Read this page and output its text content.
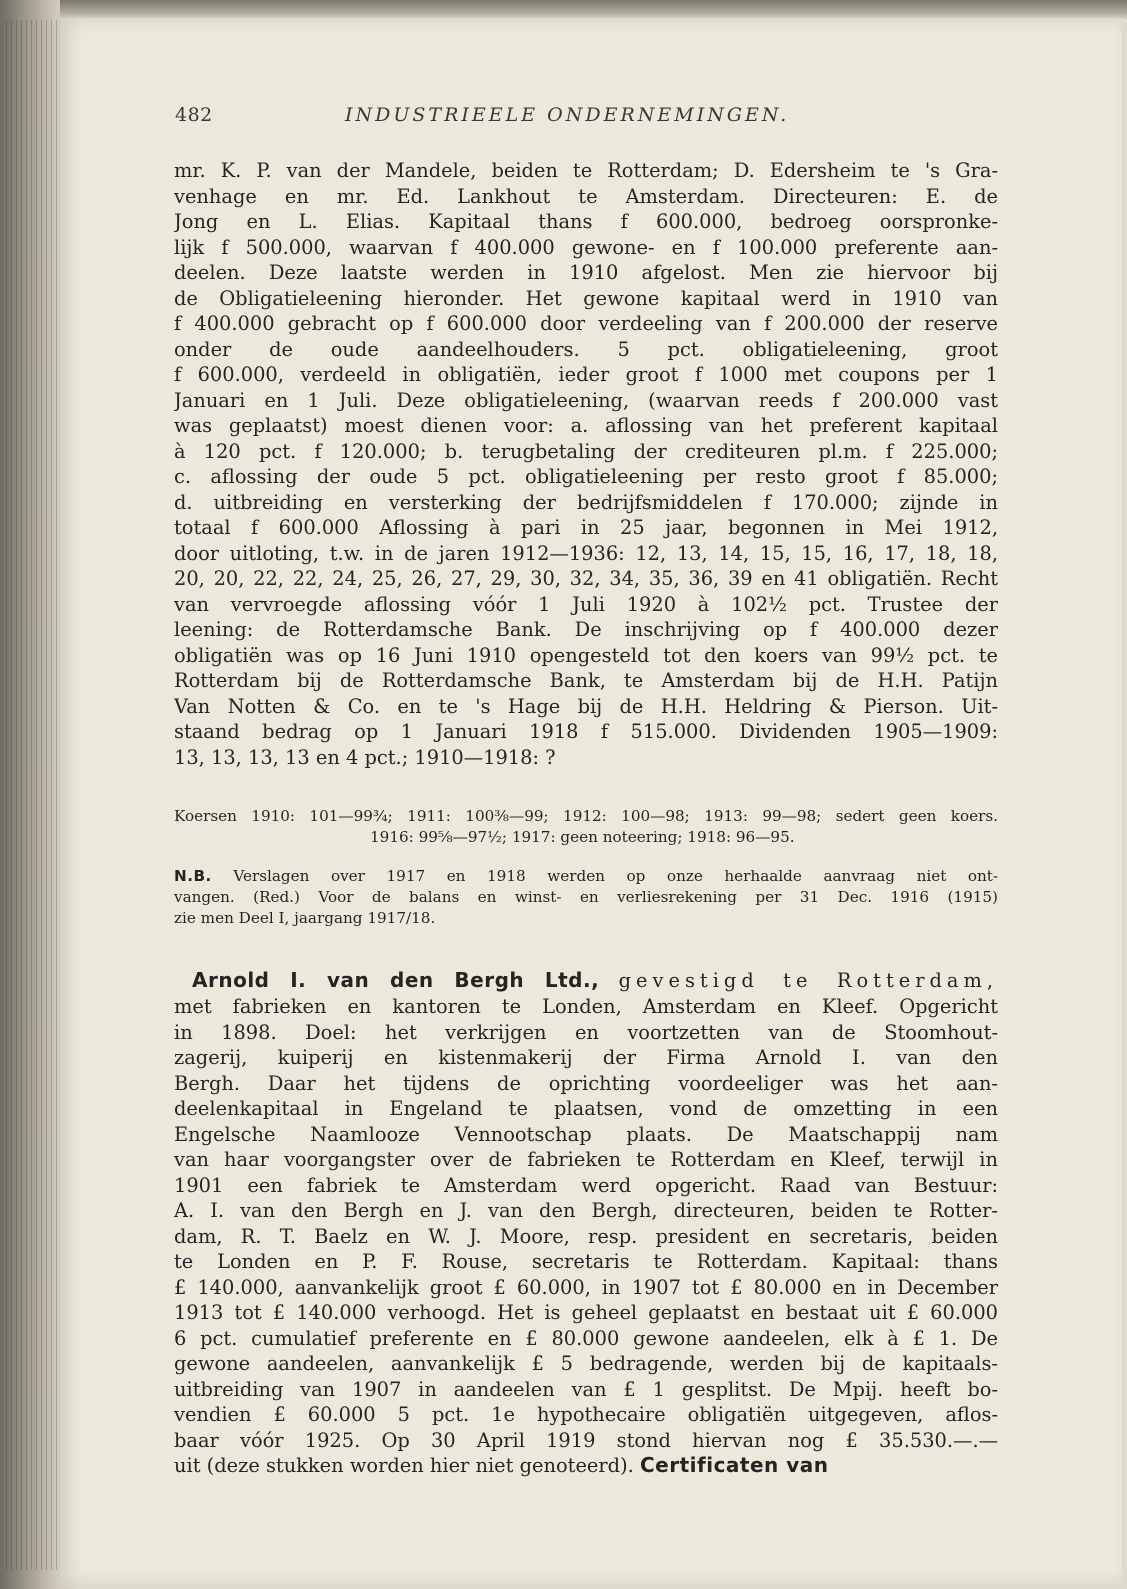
482	INDUSTRIEELE ONDERNEMINGEN.
mr. K. P. van der Mandele, beiden te Rotterdam; D. Edersheim te 's Gra-
venhage en mr. Ed. Lankhout te Amsterdam. Directeuren: E. de
Jong en L. Elias. Kapitaal thans f 600.000, bedroeg oorspronke-
lijk f 500.000, waarvan f 400.000 gewone- en f 100.000 preferente aan-
deelen. Deze laatste werden in 1910 afgelost. Men zie hiervoor bij
de Obligatieleening hieronder. Het gewone kapitaal werd in 1910 van
f 400.000 gebracht op f 600.000 door verdeeling van f 200.000 der reserve
onder de oude aandeelhouders. 5 pct. obligatieleening, groot
f 600.000, verdeeld in obligatiën, ieder groot f 1000 met coupons per 1
Januari en 1 Juli. Deze obligatieleening, (waarvan reeds f 200.000 vast
was geplaatst) moest dienen voor: a. aflossing van het preferent kapitaal
à 120 pct. f 120.000; b. terugbetaling der crediteuren pl.m. f 225.000;
c. aflossing der oude 5 pct. obligatieleening per resto groot f 85.000;
d. uitbreiding en versterking der bedrijfsmiddelen f 170.000; zijnde in
totaal f 600.000 Aflossing à pari in 25 jaar, begonnen in Mei 1912,
door uitloting, t.w. in de jaren 1912—1936: 12, 13, 14, 15, 15, 16, 17, 18, 18,
20, 20, 22, 22, 24, 25, 26, 27, 29, 30, 32, 34, 35, 36, 39 en 41 obligatiën. Recht
van vervroegde aflossing vóór 1 Juli 1920 à 102½ pct. Trustee der
leening: de Rotterdamsche Bank. De inschrijving op f 400.000 dezer
obligatiën was op 16 Juni 1910 opengesteld tot den koers van 99½ pct. te
Rotterdam bij de Rotterdamsche Bank, te Amsterdam bij de H.H. Patijn
Van Notten & Co. en te 's Hage bij de H.H. Heldring & Pierson. Uit-
staand bedrag op 1 Januari 1918 f 515.000. Dividenden 1905—1909:
13, 13, 13, 13 en 4 pct.; 1910—1918: ?
Koersen 1910: 101—99¾; 1911: 100⅜—99; 1912: 100—98; 1913: 99—98; sedert geen koers.
1916: 99⅝—97½; 1917: geen noteering; 1918: 96—95.
N.B. Verslagen over 1917 en 1918 werden op onze herhaalde aanvraag niet ont-
vangen. (Red.) Voor de balans en winst- en verliesrekening per 31 Dec. 1916 (1915)
zie men Deel I, jaargang 1917/18.
Arnold I. van den Bergh Ltd., gevestigd te Rotterdam,
met fabrieken en kantoren te Londen, Amsterdam en Kleef. Opgericht
in 1898. Doel: het verkrijgen en voortzetten van de Stoomhout-
zagerij, kuiperij en kistenmakerij der Firma Arnold I. van den
Bergh. Daar het tijdens de oprichting voordeeliger was het aan-
deelenkapitaal in Engeland te plaatsen, vond de omzetting in een
Engelsche Naamlooze Vennootschap plaats. De Maatschappij nam
van haar voorgangster over de fabrieken te Rotterdam en Kleef, terwijl in
1901 een fabriek te Amsterdam werd opgericht. Raad van Bestuur:
A. I. van den Bergh en J. van den Bergh, directeuren, beiden te Rotter-
dam, R. T. Baelz en W. J. Moore, resp. president en secretaris, beiden
te Londen en P. F. Rouse, secretaris te Rotterdam. Kapitaal: thans
£ 140.000, aanvankelijk groot £ 60.000, in 1907 tot £ 80.000 en in December
1913 tot £ 140.000 verhoogd. Het is geheel geplaatst en bestaat uit £ 60.000
6 pct. cumulatief preferente en £ 80.000 gewone aandeelen, elk à £ 1. De
gewone aandeelen, aanvankelijk £ 5 bedragende, werden bij de kapitaals-
uitbreiding van 1907 in aandeelen van £ 1 gesplitst. De Mpij. heeft bo-
vendien £ 60.000 5 pct. 1e hypothecaire obligatiën uitgegeven, aflos-
baar vóór 1925. Op 30 April 1919 stond hiervan nog £ 35.530.—.—
uit (deze stukken worden hier niet genoteerd). Certificaten van
